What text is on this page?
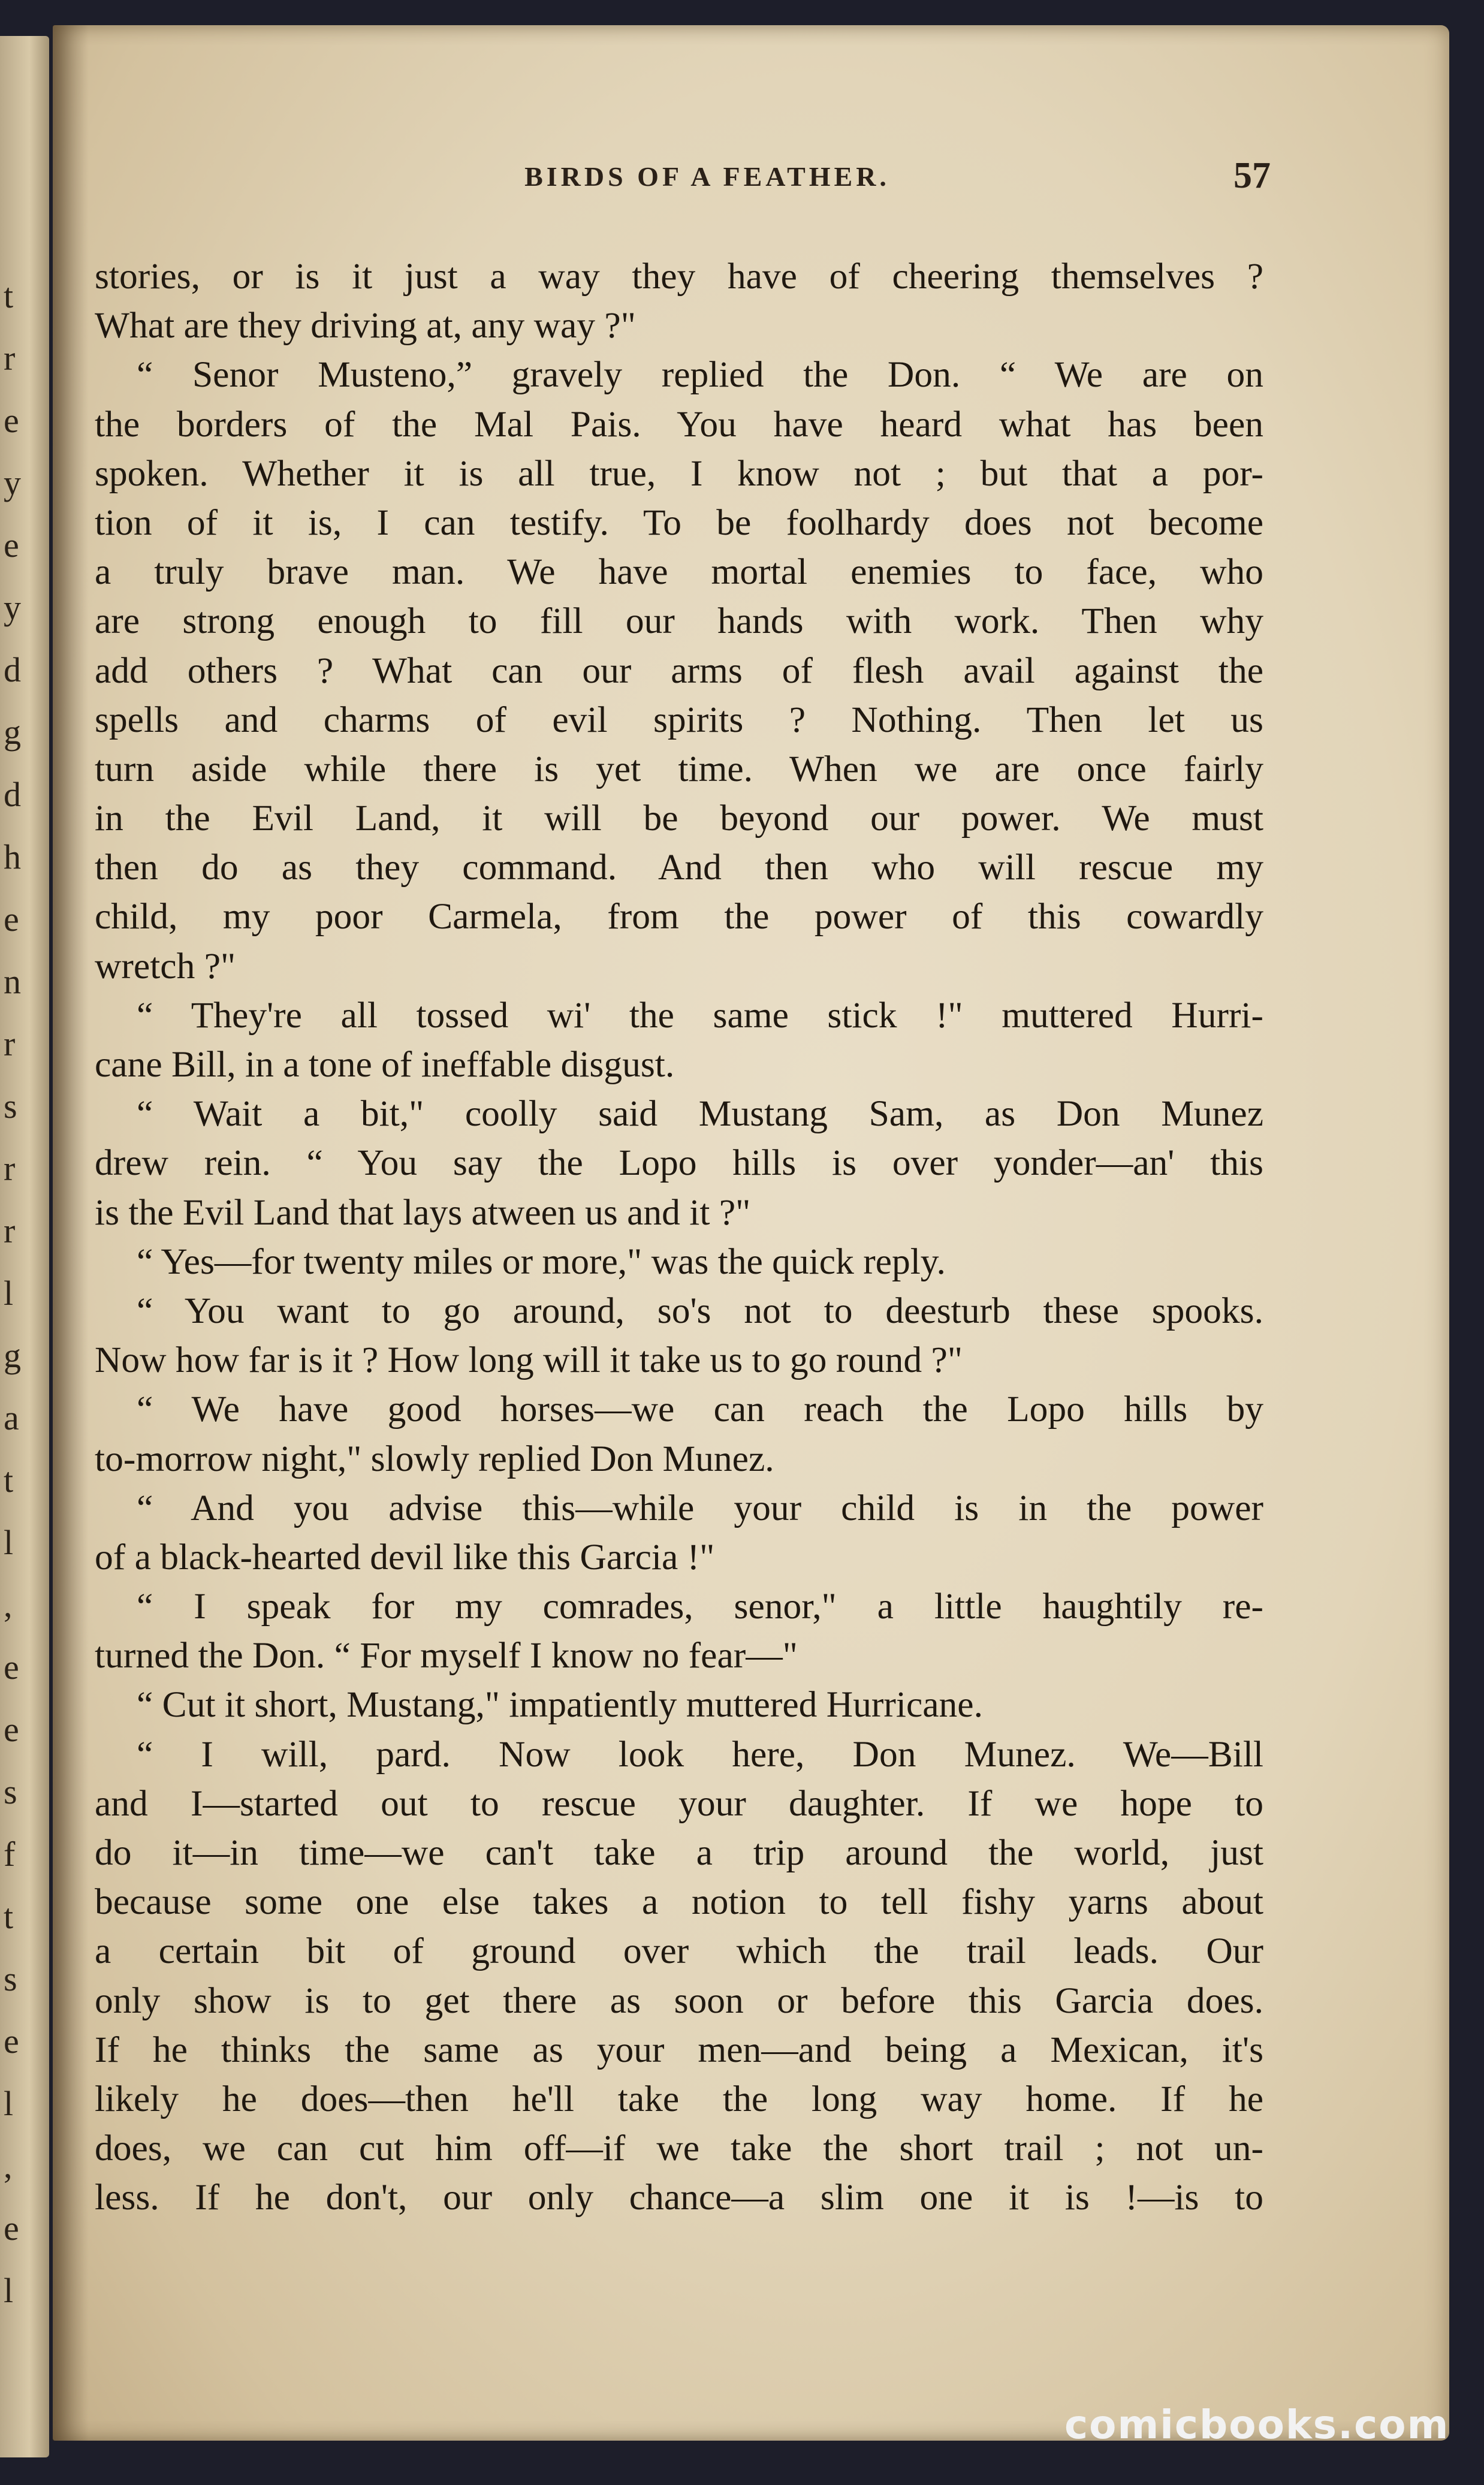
t
r
e
y
e
y
d
g
d
h
e
n
r
s
r
r
l
g
a
t
l
,
e
e
s
f
t
s
e
l
,
e
l
BIRDS OF A FEATHER.	57
stories, or is it just a way they have of cheering themselves ?
What are they driving at, any way ?"
“ Senor Musteno,” gravely replied the Don. “ We are on
the borders of the Mal Pais. You have heard what has been
spoken. Whether it is all true, I know not ; but that a por-
tion of it is, I can testify. To be foolhardy does not become
a truly brave man. We have mortal enemies to face, who
are strong enough to fill our hands with work. Then why
add others ? What can our arms of flesh avail against the
spells and charms of evil spirits ? Nothing. Then let us
turn aside while there is yet time. When we are once fairly
in the Evil Land, it will be beyond our power. We must
then do as they command. And then who will rescue my
child, my poor Carmela, from the power of this cowardly
wretch ?"
“ They're all tossed wi' the same stick !" muttered Hurri-
cane Bill, in a tone of ineffable disgust.
“ Wait a bit," coolly said Mustang Sam, as Don Munez
drew rein. “ You say the Lopo hills is over yonder—an' this
is the Evil Land that lays atween us and it ?"
“ Yes—for twenty miles or more," was the quick reply.
“ You want to go around, so's not to deesturb these spooks.
Now how far is it ? How long will it take us to go round ?"
“ We have good horses—we can reach the Lopo hills by
to-morrow night," slowly replied Don Munez.
“ And you advise this—while your child is in the power
of a black-hearted devil like this Garcia !"
“ I speak for my comrades, senor," a little haughtily re-
turned the Don. “ For myself I know no fear—"
“ Cut it short, Mustang," impatiently muttered Hurricane.
“ I will, pard. Now look here, Don Munez. We—Bill
and I—started out to rescue your daughter. If we hope to
do it—in time—we can't take a trip around the world, just
because some one else takes a notion to tell fishy yarns about
a certain bit of ground over which the trail leads. Our
only show is to get there as soon or before this Garcia does.
If he thinks the same as your men—and being a Mexican, it's
likely he does—then he'll take the long way home. If he
does, we can cut him off—if we take the short trail ; not un-
less. If he don't, our only chance—a slim one it is !—is to
comicbooks.com
